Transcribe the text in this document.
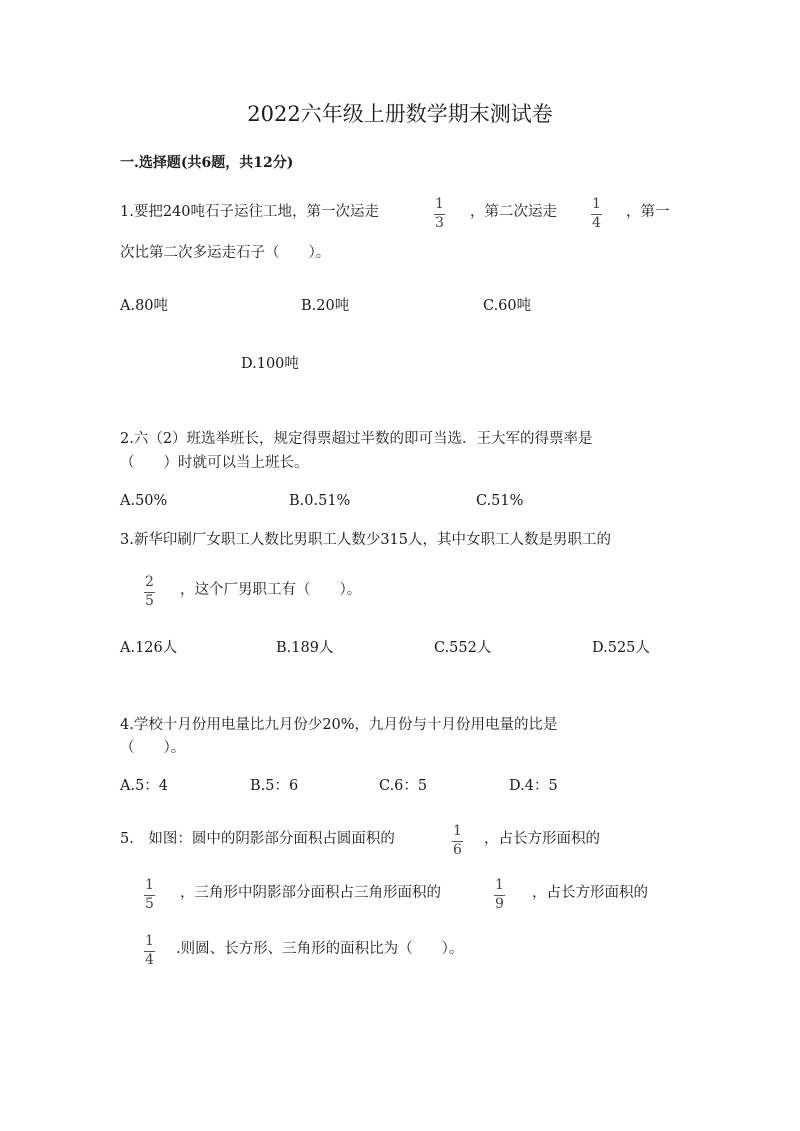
2022六年级上册数学期末测试卷
一.选择题(共6题，共12分)
1.要把240吨石子运往工地，第一次运走	1
3
，第二次运走	1
4
，第一
次比第二次多运走石子（　　）。
A.80吨	B.20吨	C.60吨
D.100吨
2.六（2）班选举班长，规定得票超过半数的即可当选．王大军的得票率是
（　　）时就可以当上班长。
A.50%	B.0.51%	C.51%
3.新华印刷厂女职工人数比男职工人数少315人，其中女职工人数是男职工的
2
5
，这个厂男职工有（　　）。
A.126人	B.189人	C.552人	D.525人
4.学校十月份用电量比九月份少20%，九月份与十月份用电量的比是
（　　）。
A.5：4	B.5：6	C.6：5	D.4：5
5.　如图：圆中的阴影部分面积占圆面积的	1
6
，占长方形面积的
1
5
，三角形中阴影部分面积占三角形面积的	1
9
，占长方形面积的
1
4
.则圆、长方形、三角形的面积比为（　　）。
